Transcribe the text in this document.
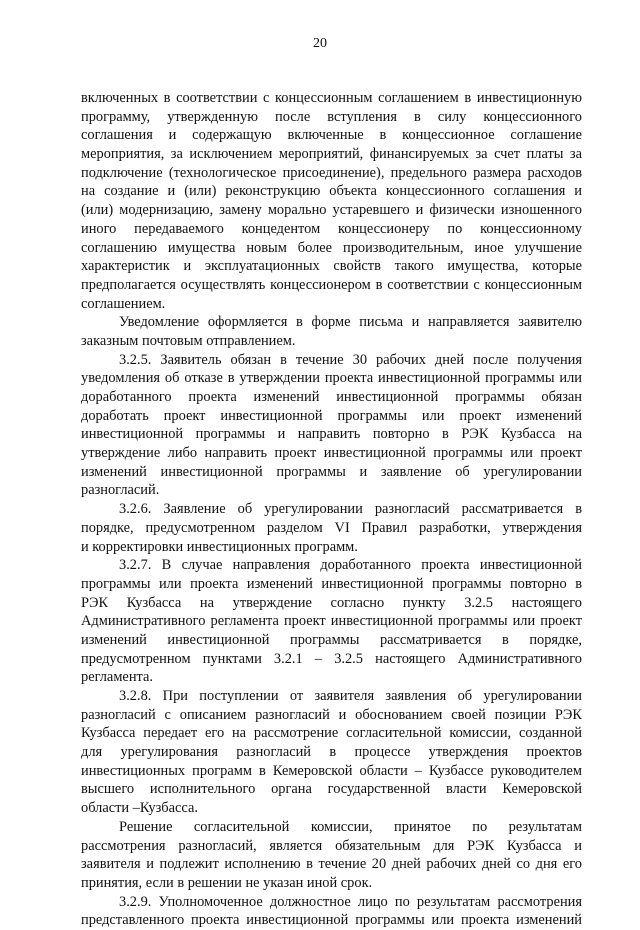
20
включенных в соответствии с концессионным соглашением в инвестиционную
программу, утвержденную после вступления в силу концессионного
соглашения и содержащую включенные в концессионное соглашение
мероприятия, за исключением мероприятий, финансируемых за счет платы за
подключение (технологическое присоединение), предельного размера расходов
на создание и (или) реконструкцию объекта концессионного соглашения и
(или) модернизацию, замену морально устаревшего и физически изношенного
иного передаваемого концедентом концессионеру по концессионному
соглашению имущества новым более производительным, иное улучшение
характеристик и эксплуатационных свойств такого имущества, которые
предполагается осуществлять концессионером в соответствии с концессионным
соглашением.
Уведомление оформляется в форме письма и направляется заявителю
заказным почтовым отправлением.
3.2.5. Заявитель обязан в течение 30 рабочих дней после получения
уведомления об отказе в утверждении проекта инвестиционной программы или
доработанного проекта изменений инвестиционной программы обязан
доработать проект инвестиционной программы или проект изменений
инвестиционной программы и направить повторно в РЭК Кузбасса на
утверждение либо направить проект инвестиционной программы или проект
изменений инвестиционной программы и заявление об урегулировании
разногласий.
3.2.6. Заявление об урегулировании разногласий рассматривается в
порядке, предусмотренном разделом VI Правил разработки, утверждения
и корректировки инвестиционных программ.
3.2.7. В случае направления доработанного проекта инвестиционной
программы или проекта изменений инвестиционной программы повторно в
РЭК Кузбасса на утверждение согласно пункту 3.2.5 настоящего
Административного регламента проект инвестиционной программы или проект
изменений инвестиционной программы рассматривается в порядке,
предусмотренном пунктами 3.2.1 – 3.2.5 настоящего Административного
регламента.
3.2.8. При поступлении от заявителя заявления об урегулировании
разногласий с описанием разногласий и обоснованием своей позиции РЭК
Кузбасса передает его на рассмотрение согласительной комиссии, созданной
для урегулирования разногласий в процессе утверждения проектов
инвестиционных программ в Кемеровской области – Кузбассе руководителем
высшего исполнительного органа государственной власти Кемеровской
области –Кузбасса.
Решение согласительной комиссии, принятое по результатам
рассмотрения разногласий, является обязательным для РЭК Кузбасса и
заявителя и подлежит исполнению в течение 20 дней рабочих дней со дня его
принятия, если в решении не указан иной срок.
3.2.9. Уполномоченное должностное лицо по результатам рассмотрения
представленного проекта инвестиционной программы или проекта изменений
